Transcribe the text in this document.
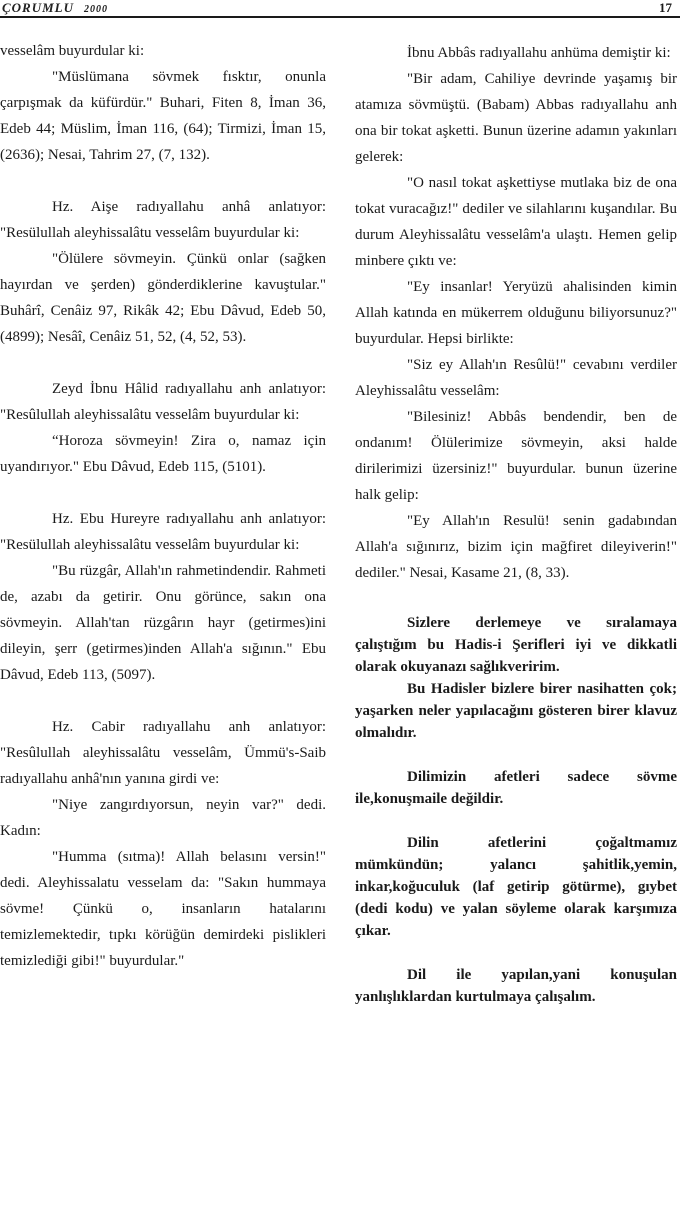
ÇORUMLU 2000	17

vesselâm buyurdular ki:

"Müslümana sövmek fısktır, onunla çarpışmak da küfürdür." Buhari, Fiten 8, İman 36, Edeb 44; Müslim, İman 116, (64); Tirmizi, İman 15, (2636); Nesai, Tahrim 27, (7, 132).

Hz. Aişe radıyallahu anhâ anlatıyor: "Resülullah aleyhissalâtu vesselâm buyurdular ki:

"Ölülere sövmeyin. Çünkü onlar (sağken hayırdan ve şerden) gönderdiklerine kavuştular." Buhârî, Cenâiz 97, Rikâk 42; Ebu Dâvud, Edeb 50, (4899); Nesâî, Cenâiz 51, 52, (4, 52, 53).

Zeyd İbnu Hâlid radıyallahu anh anlatıyor: "Resûlullah aleyhissalâtu vesselâm buyurdular ki:

“Horoza sövmeyin! Zira o, namaz için uyandırıyor." Ebu Dâvud, Edeb 115, (5101).

Hz. Ebu Hureyre radıyallahu anh anlatıyor: "Resülullah aleyhissalâtu vesselâm buyurdular ki:

"Bu rüzgâr, Allah'ın rahmetindendir. Rahmeti de, azabı da getirir. Onu görünce, sakın ona sövmeyin. Allah'tan rüzgârın hayr (getirmes)ini dileyin, şerr (getirmes)inden Allah'a sığının." Ebu Dâvud, Edeb 113, (5097).

Hz. Cabir radıyallahu anh anlatıyor: "Resûlullah aleyhissalâtu vesselâm, Ümmü's-Saib radıyallahu anhâ'nın yanına girdi ve:

"Niye zangırdıyorsun, neyin var?" dedi. Kadın:

"Humma (sıtma)! Allah belasını versin!" dedi. Aleyhissalatu vesselam da: "Sakın hummaya sövme! Çünkü o, insanların hatalarını temizlemektedir, tıpkı körüğün demirdeki pislikleri temizlediği gibi!" buyurdular."

İbnu Abbâs radıyallahu anhüma demiştir ki:

"Bir adam, Cahiliye devrinde yaşamış bir atamıza sövmüştü. (Babam) Abbas radıyallahu anh ona bir tokat aşketti. Bunun üzerine adamın yakınları gelerek:

"O nasıl tokat aşkettiyse mutlaka biz de ona tokat vuracağız!" dediler ve silahlarını kuşandılar. Bu durum Aleyhissalâtu vesselâm'a ulaştı. Hemen gelip minbere çıktı ve:

"Ey insanlar! Yeryüzü ahalisinden kimin Allah katında en mükerrem olduğunu biliyorsunuz?" buyurdular. Hepsi birlikte:

"Siz ey Allah'ın Resûlü!" cevabını verdiler Aleyhissalâtu vesselâm:

"Bilesiniz! Abbâs bendendir, ben de ondanım! Ölülerimize sövmeyin, aksi halde dirilerimizi üzersiniz!" buyurdular. bunun üzerine halk gelip:

"Ey Allah'ın Resulü! senin gadabından Allah'a sığınırız, bizim için mağfiret dileyiverin!" dediler." Nesai, Kasame 21, (8, 33).

Sizlere derlemeye ve sıralamaya çalıştığım bu Hadis-i Şerifleri iyi ve dikkatli olarak okuyanazı sağlıkveririm.

Bu Hadisler bizlere birer nasihatten çok; yaşarken neler yapılacağını gösteren birer klavuz olmalıdır.

Dilimizin afetleri sadece sövme ile,konuşmaile değildir.

Dilin afetlerini çoğaltmamız mümkündün; yalancı şahitlik,yemin, inkar,koğuculuk (laf getirip götürme), gıybet (dedi kodu) ve yalan söyleme olarak karşımıza çıkar.

Dil ile yapılan,yani konuşulan yanlışlıklardan kurtulmaya çalışalım.
